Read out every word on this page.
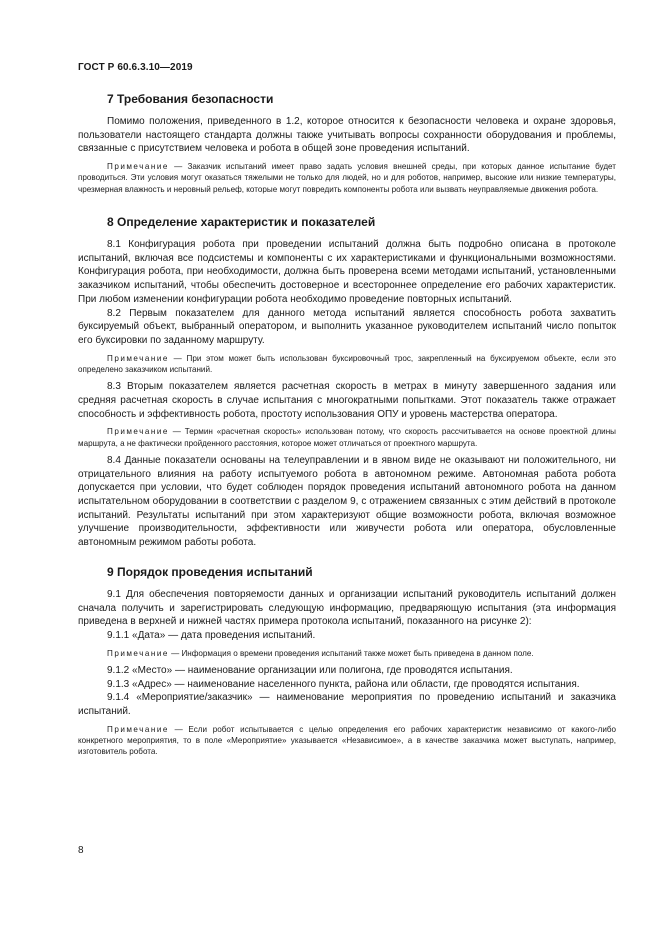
ГОСТ Р 60.6.3.10—2019
7 Требования безопасности

Помимо положения, приведенного в 1.2, которое относится к безопасности человека и охране здоровья, пользователи настоящего стандарта должны также учитывать вопросы сохранности оборудования и проблемы, связанные с присутствием человека и робота в общей зоне проведения испытаний.

Примечание — Заказчик испытаний имеет право задать условия внешней среды, при которых данное испытание будет проводиться. Эти условия могут оказаться тяжелыми не только для людей, но и для роботов, например, высокие или низкие температуры, чрезмерная влажность и неровный рельеф, которые могут повредить компоненты робота или вызвать неуправляемые движения робота.

8 Определение характеристик и показателей

8.1 Конфигурация робота при проведении испытаний должна быть подробно описана в протоколе испытаний, включая все подсистемы и компоненты с их характеристиками и функциональными возможностями. Конфигурация робота, при необходимости, должна быть проверена всеми методами испытаний, установленными заказчиком испытаний, чтобы обеспечить достоверное и всестороннее определение его рабочих характеристик. При любом изменении конфигурации робота необходимо проведение повторных испытаний.

8.2 Первым показателем для данного метода испытаний является способность робота захватить буксируемый объект, выбранный оператором, и выполнить указанное руководителем испытаний число попыток его буксировки по заданному маршруту.

Примечание — При этом может быть использован буксировочный трос, закрепленный на буксируемом объекте, если это определено заказчиком испытаний.

8.3 Вторым показателем является расчетная скорость в метрах в минуту завершенного задания или средняя расчетная скорость в случае испытания с многократными попытками. Этот показатель также отражает способность и эффективность робота, простоту использования ОПУ и уровень мастерства оператора.

Примечание — Термин «расчетная скорость» использован потому, что скорость рассчитывается на основе проектной длины маршрута, а не фактически пройденного расстояния, которое может отличаться от проектного маршрута.

8.4 Данные показатели основаны на телеуправлении и в явном виде не оказывают ни положительного, ни отрицательного влияния на работу испытуемого робота в автономном режиме. Автономная работа робота допускается при условии, что будет соблюден порядок проведения испытаний автономного робота на данном испытательном оборудовании в соответствии с разделом 9, с отражением связанных с этим действий в протоколе испытаний. Результаты испытаний при этом характеризуют общие возможности робота, включая возможное улучшение производительности, эффективности или живучести робота или оператора, обусловленные автономным режимом работы робота.

9 Порядок проведения испытаний

9.1 Для обеспечения повторяемости данных и организации испытаний руководитель испытаний должен сначала получить и зарегистрировать следующую информацию, предваряющую испытания (эта информация приведена в верхней и нижней частях примера протокола испытаний, показанного на рисунке 2):

9.1.1 «Дата» — дата проведения испытаний.

Примечание — Информация о времени проведения испытаний также может быть приведена в данном поле.

9.1.2 «Место» — наименование организации или полигона, где проводятся испытания.

9.1.3 «Адрес» — наименование населенного пункта, района или области, где проводятся испытания.

9.1.4 «Мероприятие/заказчик» — наименование мероприятия по проведению испытаний и заказчика испытаний.

Примечание — Если робот испытывается с целью определения его рабочих характеристик независимо от какого-либо конкретного мероприятия, то в поле «Мероприятие» указывается «Независимое», а в качестве заказчика может выступать, например, изготовитель робота.

8
